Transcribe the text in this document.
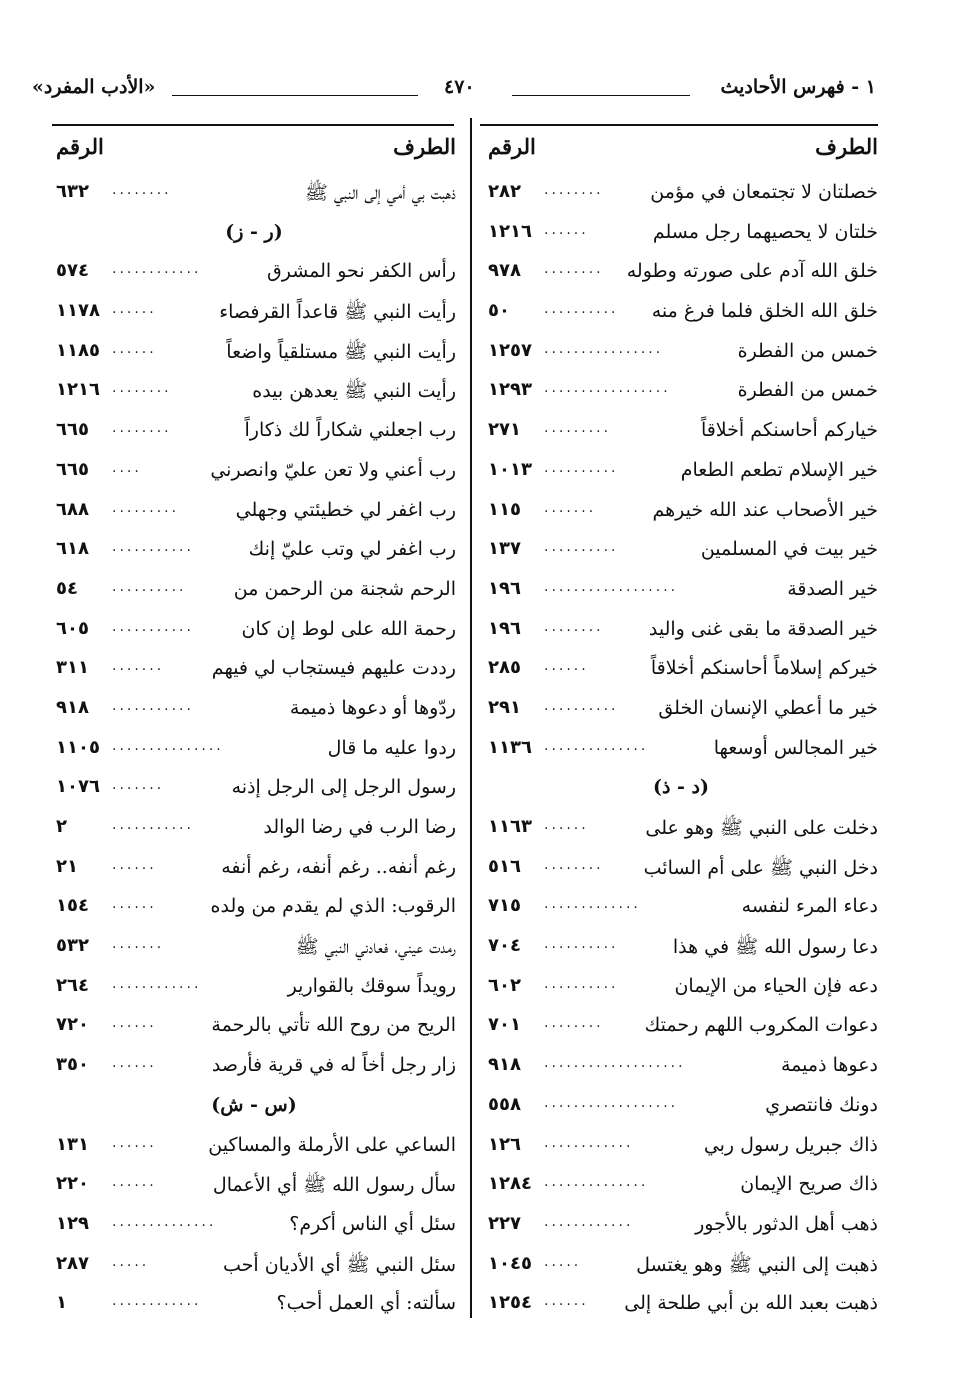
١ - فهرس الأحاديث
٤٧٠
«الأدب المفرد»
الطرف
الرقم
خصلتان لا تجتمعان في مؤمن
........
٢٨٢
خلتان لا يحصيهما رجل مسلم
......
١٢١٦
خلق الله آدم على صورته وطوله
........
٩٧٨
خلق الله الخلق فلما فرغ منه
..........
٥٠
خمس من الفطرة
................
١٢٥٧
خمس من الفطرة
.................
١٢٩٣
خياركم أحاسنكم أخلاقاً
.........
٢٧١
خير الإسلام تطعم الطعام
..........
١٠١٣
خير الأصحاب عند الله خيرهم
.......
١١٥
خير بيت في المسلمين
..........
١٣٧
خير الصدقة
..................
١٩٦
خير الصدقة ما بقى غنى واليد
........
١٩٦
خيركم إسلاماً أحاسنكم أخلاقاً
......
٢٨٥
خير ما أعطي الإنسان الخلق
..........
٢٩١
خير المجالس أوسعها
..............
١١٣٦
(د - ذ)
دخلت على النبي ﷺ وهو على
......
١١٦٣
دخل النبي ﷺ على أم السائب
........
٥١٦
دعاء المرء لنفسه
.............
٧١٥
دعا رسول الله ﷺ في هذا
..........
٧٠٤
دعه فإن الحياء من الإيمان
..........
٦٠٢
دعوات المكروب اللهم رحمتك
........
٧٠١
دعوها ذميمة
...................
٩١٨
دونك فانتصري
..................
٥٥٨
ذاك جبريل رسول ربي
............
١٢٦
ذاك صريح الإيمان
..............
١٢٨٤
ذهب أهل الدثور بالأجور
............
٢٢٧
ذهبت إلى النبي ﷺ وهو يغتسل
.....
١٠٤٥
ذهبت بعبد الله بن أبي طلحة إلى
......
١٢٥٤
الطرف
الرقم
ذهبت بي أمي إلى النبي ﷺ
........
٦٣٢
(ر - ز)
رأس الكفر نحو المشرق
............
٥٧٤
رأيت النبي ﷺ قاعداً القرفصاء
......
١١٧٨
رأيت النبي ﷺ مستلقياً واضعاً
......
١١٨٥
رأيت النبي ﷺ يعدهن بيده
........
١٢١٦
رب اجعلني شكاراً لك ذكاراً
........
٦٦٥
رب أعني ولا تعن عليّ وانصرني
....
٦٦٥
رب اغفر لي خطيئتي وجهلي
.........
٦٨٨
رب اغفر لي وتب عليّ إنك
...........
٦١٨
الرحم شجنة من الرحمن من
..........
٥٤
رحمة الله على لوط إن كان
...........
٦٠٥
رددت عليهم فيستجاب لي فيهم
.......
٣١١
ردّوها أو دعوها ذميمة
...........
٩١٨
ردوا عليه ما قال
...............
١١٠٥
رسول الرجل إلى الرجل إذنه
.......
١٠٧٦
رضا الرب في رضا الوالد
...........
٢
رغم أنفه.. رغم أنفه، رغم أنفه
......
٢١
الرقوب: الذي لم يقدم من ولده
......
١٥٤
رمدت عيني، فعادني النبي ﷺ
.......
٥٣٢
رويداً سوقك بالقوارير
............
٢٦٤
الريح من روح الله تأتي بالرحمة
......
٧٢٠
زار رجل أخاً له في قرية فأرصد
......
٣٥٠
(س - ش)
الساعي على الأرملة والمساكين
......
١٣١
سأل رسول الله ﷺ أي الأعمال
......
٢٢٠
سئل أي الناس أكرم؟
..............
١٢٩
سئل النبي ﷺ أي الأديان أحب
.....
٢٨٧
سألته: أي العمل أحب؟
............
١
